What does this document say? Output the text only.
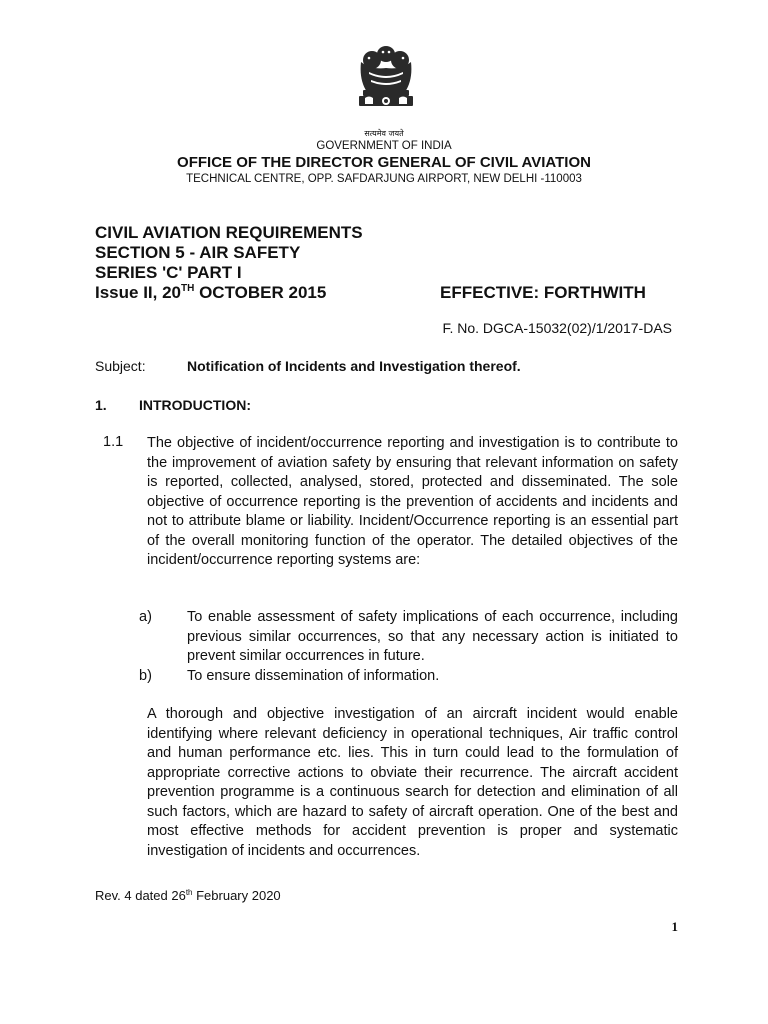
सत्यमेव जयते
GOVERNMENT OF INDIA
OFFICE OF THE DIRECTOR GENERAL OF CIVIL AVIATION
TECHNICAL CENTRE, OPP. SAFDARJUNG AIRPORT, NEW DELHI -110003
CIVIL AVIATION REQUIREMENTS
SECTION 5 - AIR SAFETY
SERIES 'C' PART I
Issue II, 20TH OCTOBER 2015	EFFECTIVE: FORTHWITH
F. No. DGCA-15032(02)/1/2017-DAS
Subject:	Notification of Incidents and Investigation thereof.
1. INTRODUCTION:
1.1 The objective of incident/occurrence reporting and investigation is to contribute to the improvement of aviation safety by ensuring that relevant information on safety is reported, collected, analysed, stored, protected and disseminated. The sole objective of occurrence reporting is the prevention of accidents and incidents and not to attribute blame or liability. Incident/Occurrence reporting is an essential part of the overall monitoring function of the operator. The detailed objectives of the incident/occurrence reporting systems are:
a) To enable assessment of safety implications of each occurrence, including previous similar occurrences, so that any necessary action is initiated to prevent similar occurrences in future.
b) To ensure dissemination of information.
A thorough and objective investigation of an aircraft incident would enable identifying where relevant deficiency in operational techniques, Air traffic control and human performance etc. lies. This in turn could lead to the formulation of appropriate corrective actions to obviate their recurrence. The aircraft accident prevention programme is a continuous search for detection and elimination of all such factors, which are hazard to safety of aircraft operation. One of the best and most effective methods for accident prevention is proper and systematic investigation of incidents and occurrences.
Rev. 4 dated 26th February 2020
1
